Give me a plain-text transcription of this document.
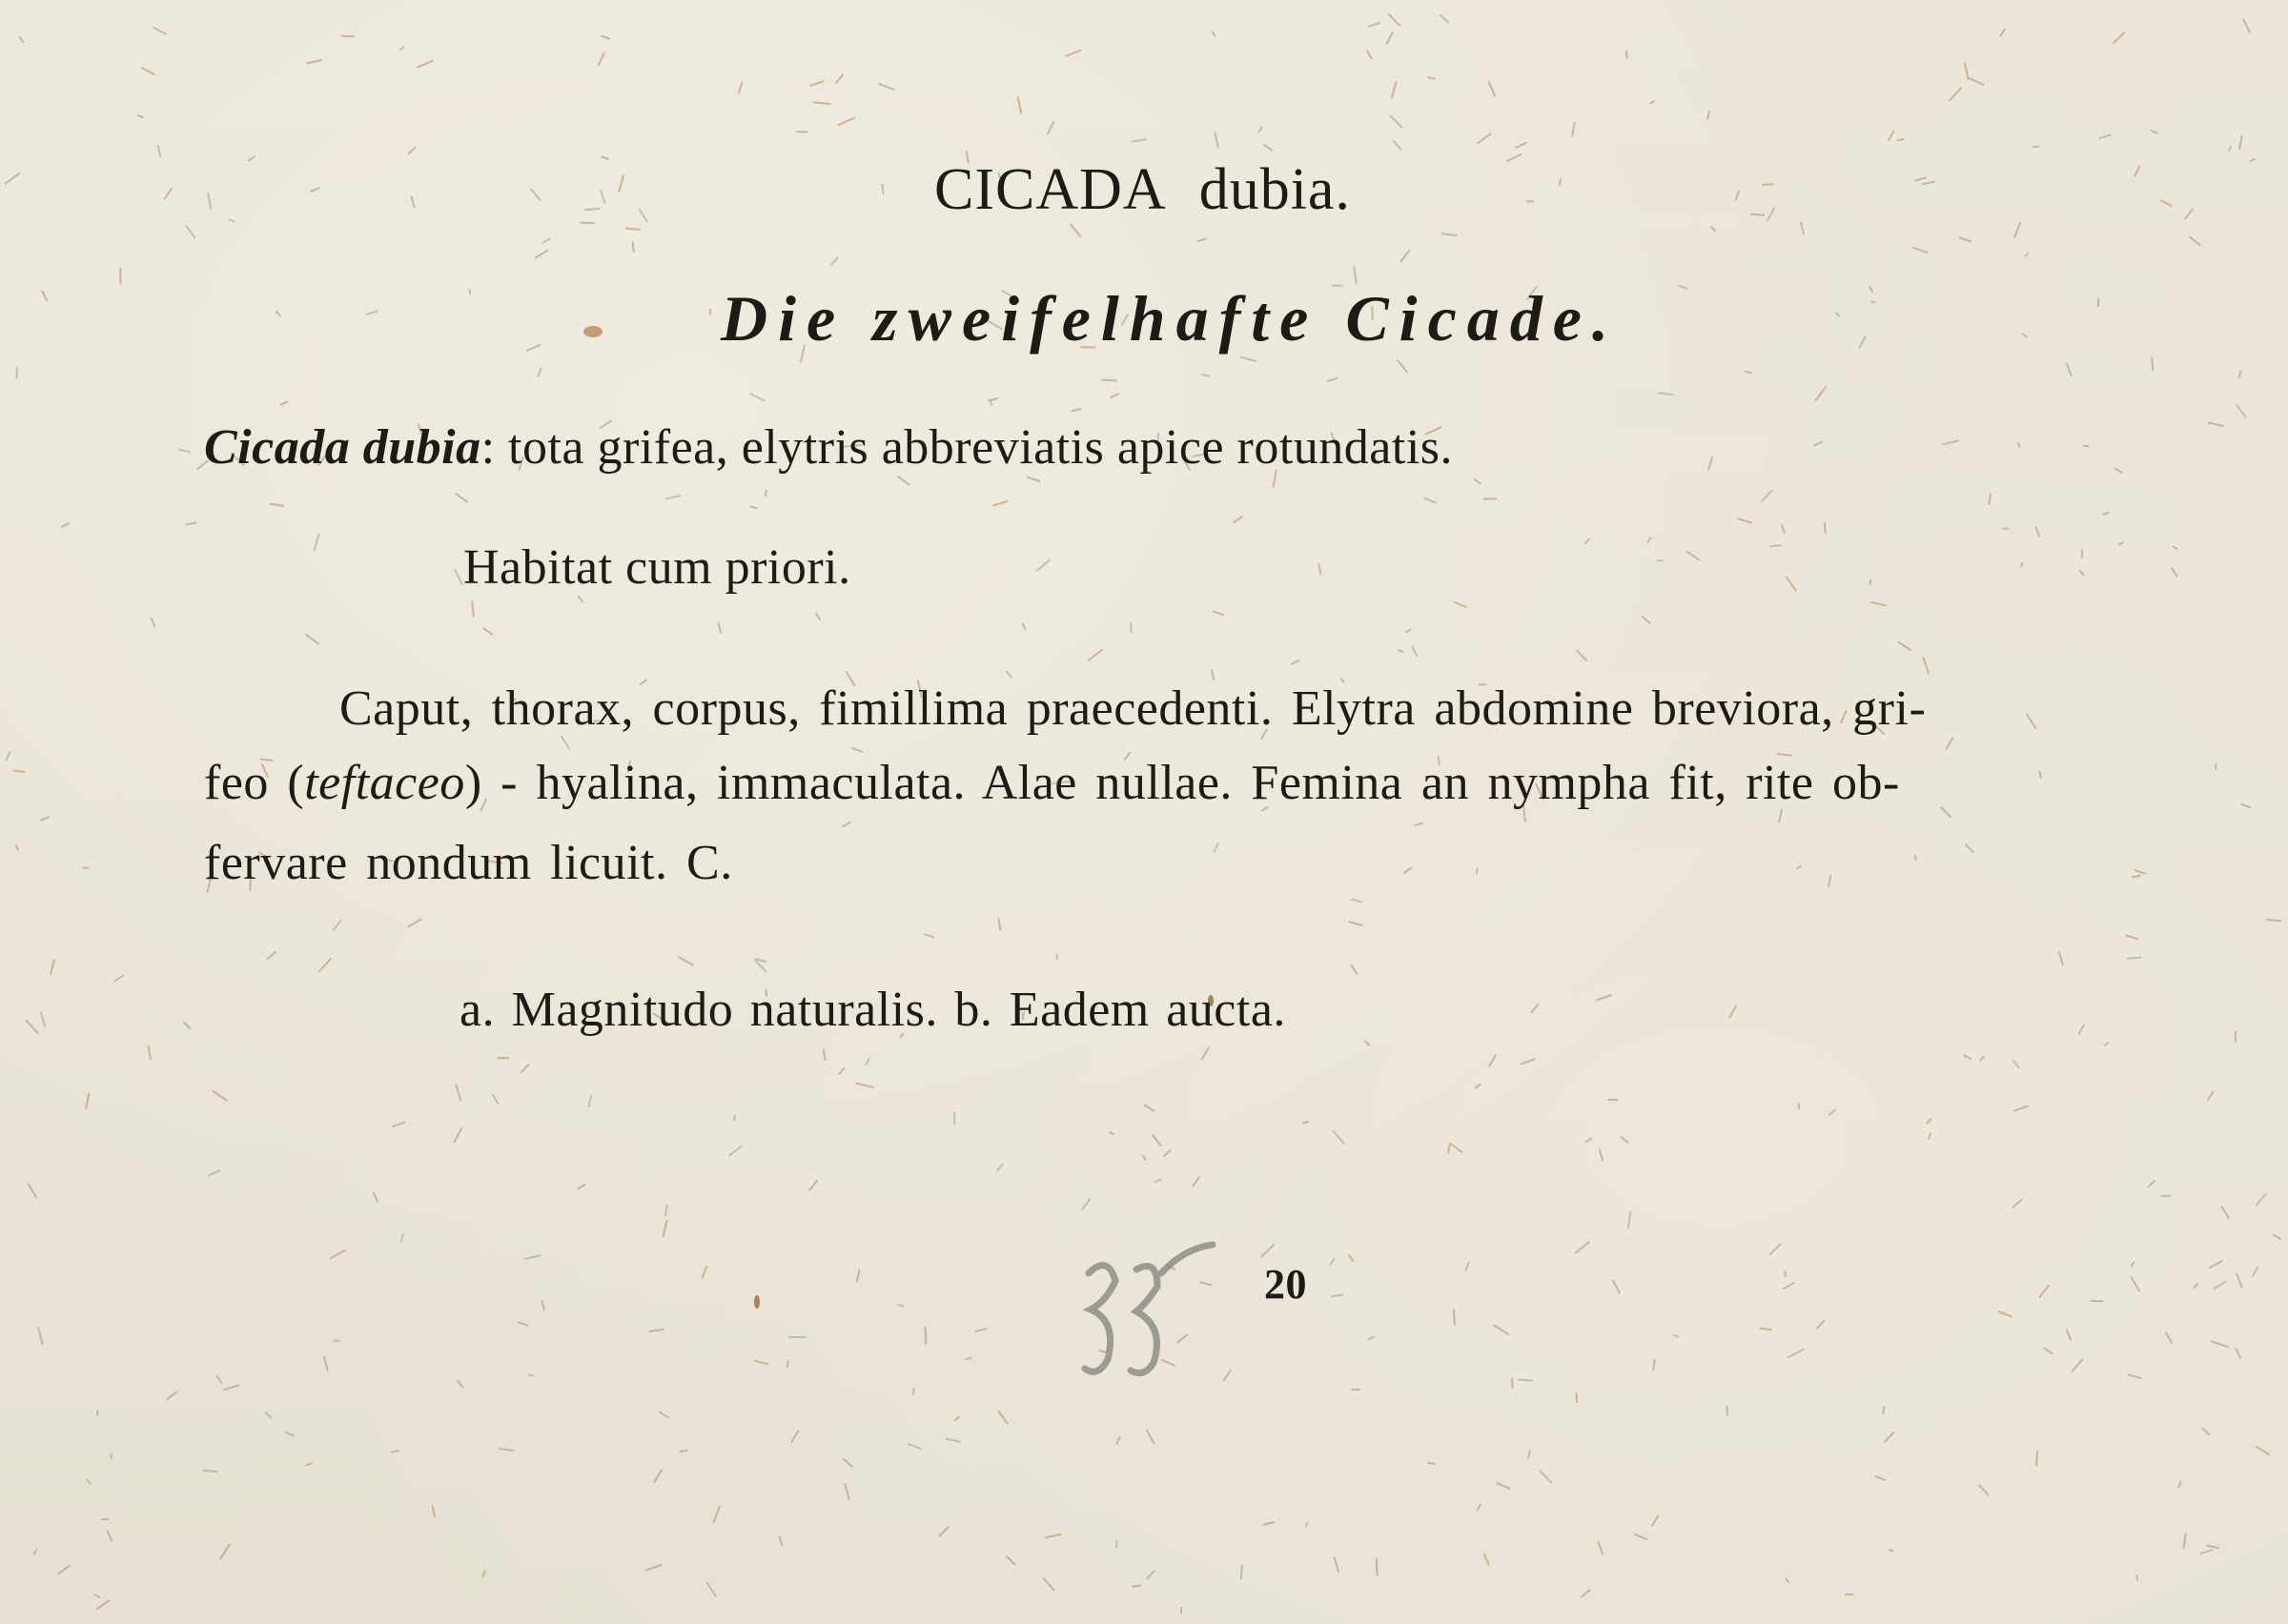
CICADA dubia.
Die zweifelhafte Cicade.
Cicada dubia: tota grifea, elytris abbreviatis apice rotundatis.
Habitat cum priori.
Caput, thorax, corpus, fimillima praecedenti. Elytra abdomine breviora, gri-
feo (teftaceo) - hyalina, immaculata. Alae nullae. Femina an nympha fit, rite ob-
fervare nondum licuit. C.
a. Magnitudo naturalis. b. Eadem aucta.
20
